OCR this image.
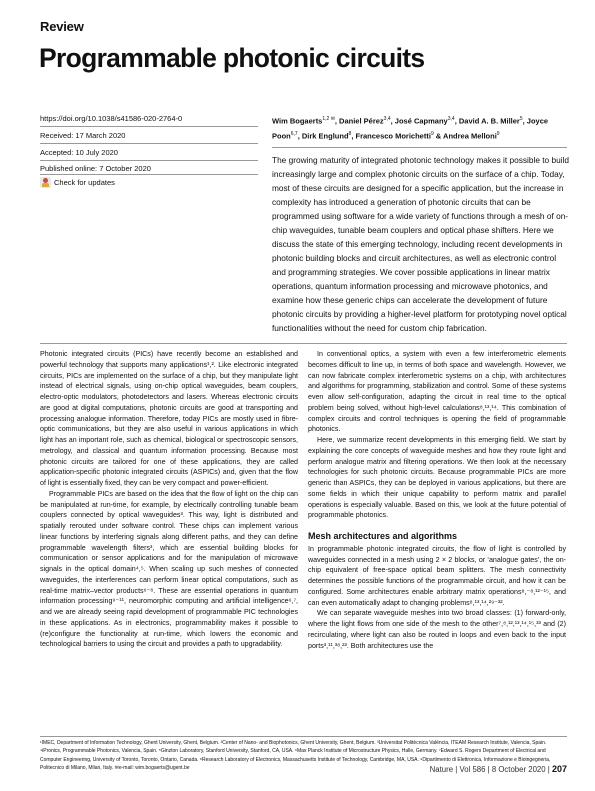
Review
Programmable photonic circuits
https://doi.org/10.1038/s41586-020-2764-0
Received: 17 March 2020
Accepted: 10 July 2020
Published online: 7 October 2020
Check for updates
Wim Bogaerts$^{1,2 ✉}$, Daniel Pérez$^{3,4}$, José Capmany$^{3,4}$, David A. B. Miller$^5$, Joyce Poon$^{6,7}$, Dirk Englund$^8$, Francesco Morichetti$^9$ & Andrea Melloni$^9$
The growing maturity of integrated photonic technology makes it possible to build increasingly large and complex photonic circuits on the surface of a chip. Today, most of these circuits are designed for a specific application, but the increase in complexity has introduced a generation of photonic circuits that can be programmed using software for a wide variety of functions through a mesh of on-chip waveguides, tunable beam couplers and optical phase shifters. Here we discuss the state of this emerging technology, including recent developments in photonic building blocks and circuit architectures, as well as electronic control and programming strategies. We cover possible applications in linear matrix operations, quantum information processing and microwave photonics, and examine how these generic chips can accelerate the development of future photonic circuits by providing a higher-level platform for prototyping novel optical functionalities without the need for custom chip fabrication.

Photonic integrated circuits (PICs) have recently become an established and powerful technology that supports many applications¹,². Like electronic integrated circuits, PICs are implemented on the surface of a chip, but they manipulate light instead of electrical signals, using on-chip optical waveguides, beam couplers, electro-optic modulators, photodetectors and lasers. Whereas electronic circuits are good at digital computations, photonic circuits are good at transporting and processing analogue information. Therefore, today PICs are mostly used in fibre-optic communications, but they are also useful in various applications in which light has an important role, such as chemical, biological or spectroscopic sensors, metrology, and classical and quantum information processing. Because most photonic circuits are tailored for one of these applications, they are called application-specific photonic integrated circuits (ASPICs) and, given that the flow of light is essentially fixed, they can be very compact and power-efficient.

Programmable PICs are based on the idea that the flow of light on the chip can be manipulated at run-time, for example, by electrically controlling tunable beam couplers connected by optical waveguides³. This way, light is distributed and spatially rerouted under software control. These chips can implement various linear functions by interfering signals along different paths, and they can define programmable wavelength filters³, which are essential building blocks for communication or sensor applications and for the manipulation of microwave signals in the optical domain⁴,⁵. When scaling up such meshes of connected waveguides, the interferences can perform linear optical computations, such as real-time matrix–vector products⁶⁻⁸. These are essential operations in quantum information processing⁹⁻¹¹, neuromorphic computing and artificial intelligence⁶,⁷, and we are already seeing rapid development of programmable PIC technologies in these applications. As in electronics, programmability makes it possible to (re)configure the functionality at run-time, which lowers the economic and technological barriers to using the circuit and provides a path to upgradability.

In conventional optics, a system with even a few interferometric elements becomes difficult to line up, in terms of both space and wavelength. However, we can now fabricate complex interferometric systems on a chip, with architectures and algorithms for programming, stabilization and control. Some of these systems even allow self-configuration, adapting the circuit in real time to the optical problem being solved, without high-level calculations⁸,¹³,¹⁴. This combination of complex circuits and control techniques is opening the field of programmable photonics.

Here, we summarize recent developments in this emerging field. We start by explaining the core concepts of waveguide meshes and how they route light and perform analogue matrix and filtering operations. We then look at the necessary technologies for such photonic circuits. Because programmable PICs are more generic than ASPICs, they can be deployed in various applications, but there are some fields in which their unique capability to perform matrix and parallel operations is especially valuable. Based on this, we look at the future potential of programmable photonics.

Mesh architectures and algorithms

In programmable photonic integrated circuits, the flow of light is controlled by waveguides connected in a mesh using 2 × 2 blocks, or ‘analogue gates’, the on-chip equivalent of free-space optical beam splitters. The mesh connectivity determines the possible functions of the programmable circuit, and how it can be configured. Some architectures enable arbitrary matrix operations⁸,⁻⁸,¹²⁻¹⁵, and can even automatically adapt to changing problems⁸,¹³,¹⁴,²⁹⁻³².

We can separate waveguide meshes into two broad classes: (1) forward-only, where the light flows from one side of the mesh to the other⁷,⁸,¹²,¹³,¹⁴,¹⁵,³³ and (2) recirculating, where light can also be routed in loops and even back to the input ports³,¹¹,³⁸,²³. Both architectures use the

¹IMEC, Department of Information Technology, Ghent University, Ghent, Belgium. ²Center of Nano- and Biophotonics, Ghent University, Ghent, Belgium. ³Universitat Politècnica València, ITEAM Research Institute, Valencia, Spain. ⁴iPronics, Programmable Photonics, Valencia, Spain. ⁵Ginzton Laboratory, Stanford University, Stanford, CA, USA. ⁶Max Planck Institute of Microstructure Physics, Halle, Germany. ⁷Edward S. Rogers Department of Electrical and Computer Engineering, University of Toronto, Toronto, Ontario, Canada. ⁸Research Laboratory of Electronics, Massachusetts Institute of Technology, Cambridge, MA, USA. ⁹Dipartimento di Elettronica, Informazione e Bioingegneria, Politecnico di Milano, Milan, Italy. ✉e-mail: wim.bogaerts@ugent.be	Nature | Vol 586 | 8 October 2020 | 207
